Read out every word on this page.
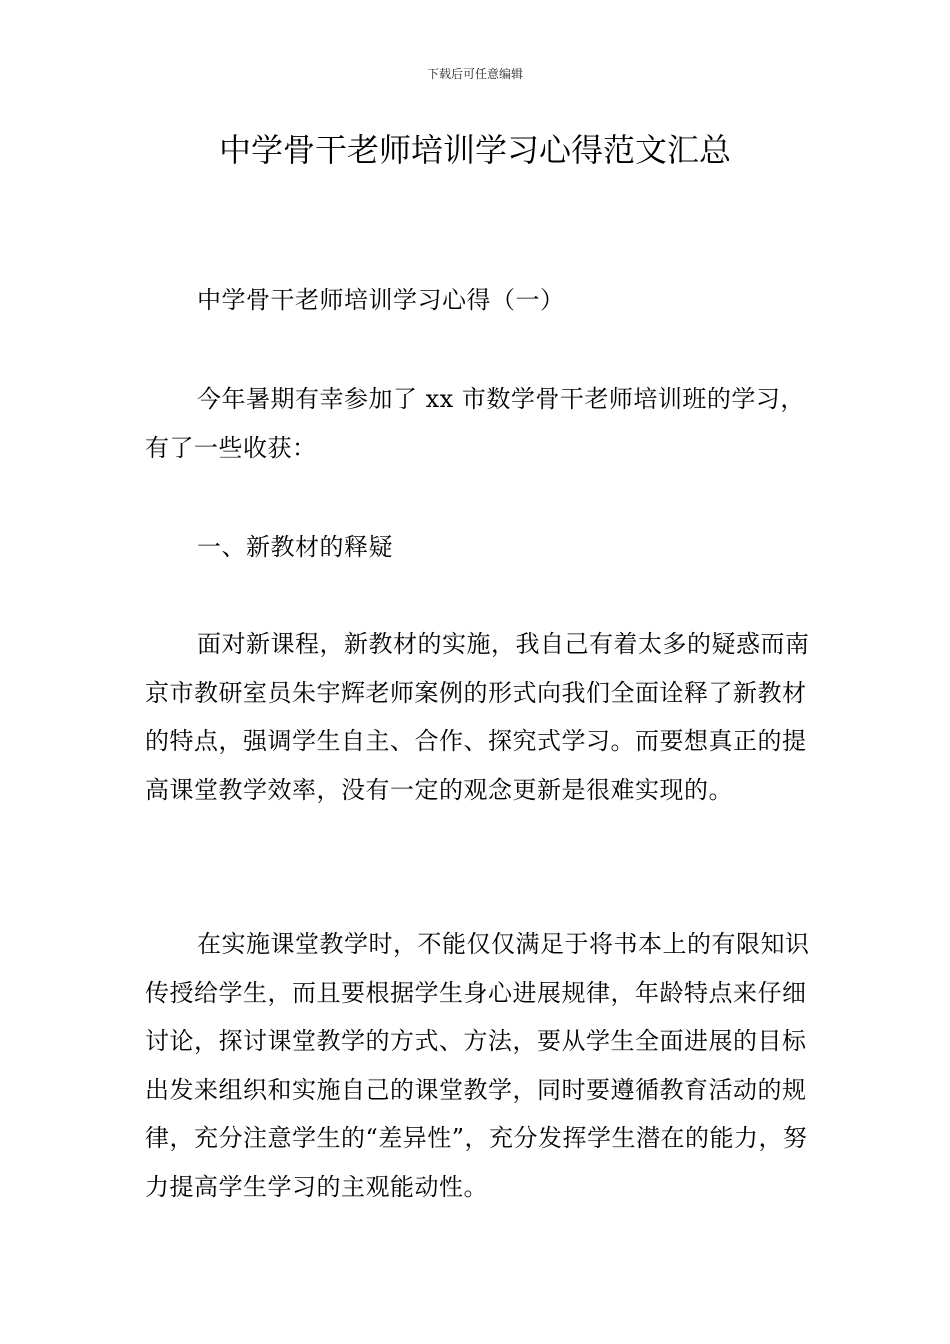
下载后可任意编辑
中学骨干老师培训学习心得范文汇总

中学骨干老师培训学习心得（一）

今年暑期有幸参加了 xx 市数学骨干老师培训班的学习，有了一些收获：

一、新教材的释疑

面对新课程，新教材的实施，我自己有着太多的疑惑而南京市教研室员朱宇辉老师案例的形式向我们全面诠释了新教材的特点，强调学生自主、合作、探究式学习。而要想真正的提高课堂教学效率，没有一定的观念更新是很难实现的。

在实施课堂教学时，不能仅仅满足于将书本上的有限知识传授给学生，而且要根据学生身心进展规律，年龄特点来仔细讨论，探讨课堂教学的方式、方法，要从学生全面进展的目标出发来组织和实施自己的课堂教学，同时要遵循教育活动的规律，充分注意学生的“差异性”，充分发挥学生潜在的能力，努力提高学生学习的主观能动性。
